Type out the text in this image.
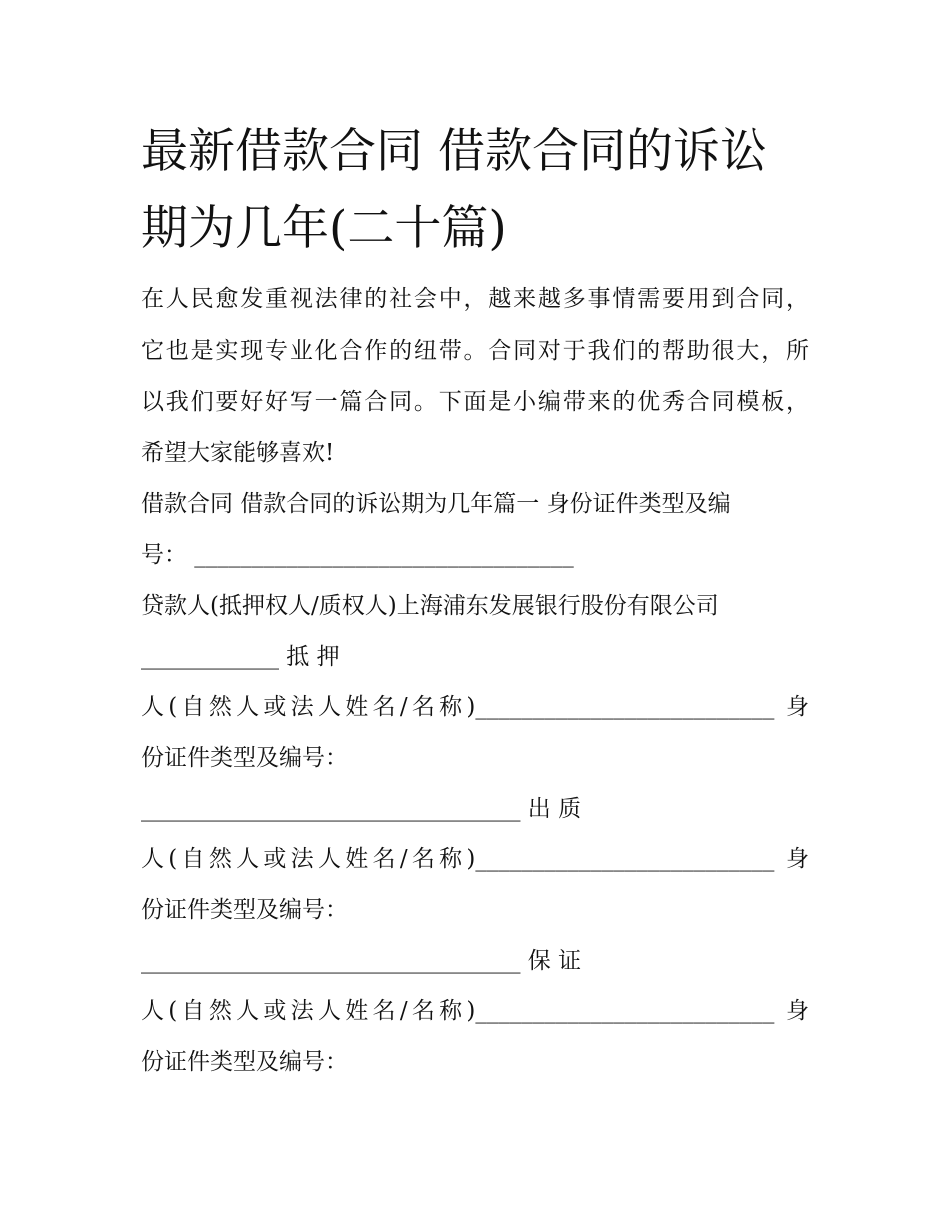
最新借款合同 借款合同的诉讼
期为几年(二十篇)

在人民愈发重视法律的社会中，越来越多事情需要用到合同，

它也是实现专业化合作的纽带。合同对于我们的帮助很大，所

以我们要好好写一篇合同。下面是小编带来的优秀合同模板，

希望大家能够喜欢!

借款合同 借款合同的诉讼期为几年篇一 身份证件类型及编

号： _________________________________

贷款人(抵押权人/质权人)上海浦东发展银行股份有限公司

____________ 抵 押

人(自然人或法人姓名/名称)__________________________ 身

份证件类型及编号：

_________________________________ 出 质

人(自然人或法人姓名/名称)__________________________ 身

份证件类型及编号：

_________________________________ 保 证

人(自然人或法人姓名/名称)__________________________ 身

份证件类型及编号：
